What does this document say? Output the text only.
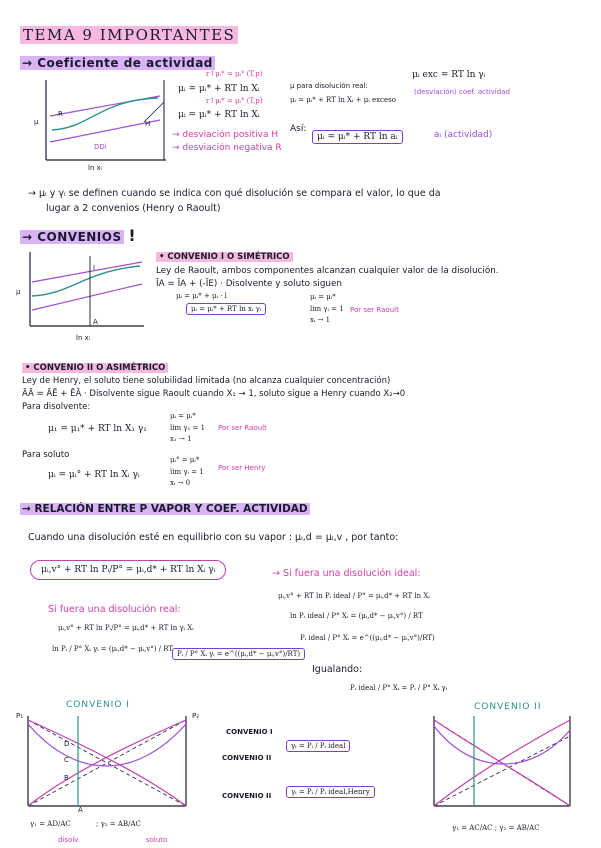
TEMA 9 IMPORTANTES
→ Coeficiente de actividad
μ
R
H
DDi
ln xᵢ
r↑μᵢ* = μᵢ° (T,p)
μᵢ = μᵢ* + RT ln Xᵢ
r↑μᵢ* = μᵢ° (T,p)
μᵢ = μᵢ* + RT ln Xᵢ
→ desviación positiva H
→ desviación negativa R
μ para disolución real:
μᵢ = μᵢ* + RT ln Xᵢ + μᵢ exceso
μᵢ exc = RT ln γᵢ
(desviación) coef. actividad
Así:
μᵢ = μᵢ* + RT ln aᵢ	aᵢ (actividad)
→ μᵢ y γᵢ se definen cuando se indica con qué disolución se compara el valor, lo que da
lugar a 2 convenios (Henry o Raoult)
→ CONVENIOS !
μ
I
A
ln xᵢ
• CONVENIO I O SIMÉTRICO
Ley de Raoult, ambos componentes alcanzan cualquier valor de la disolución.
ĪA = ĪA + (-ĪE) · Disolvente y soluto siguen
μᵢ = μᵢ* + μᵢ · l
μᵢ = μᵢ* + RT ln xᵢ γᵢ
μᵢ = μᵢ*
lim γᵢ = 1
xᵢ → 1
Por ser Raoult
• CONVENIO II O ASIMÉTRICO
Ley de Henry, el soluto tiene solubilidad limitada (no alcanza cualquier concentración)
ĀĀ = ĀĒ + ĒĀ · Disolvente sigue Raoult cuando X₁ → 1, soluto sigue a Henry cuando X₂→0
Para disolvente:
μ₁ = μ₁* + RT ln X₁ γ₁
μᵢ = μᵢ*
lim γ₁ = 1
x₁ → 1
Por ser Raoult
Para soluto
μᵢ = μᵢ° + RT ln Xᵢ γᵢ
μᵢ° = μᵢ*
lim γᵢ = 1
xᵢ → 0
Por ser Henry
→ RELACIÓN ENTRE P VAPOR Y COEF. ACTIVIDAD
Cuando una disolución esté en equilibrio con su vapor : μᵢ,d = μᵢ,v , por tanto:
μᵢ,v° + RT ln Pᵢ/P° = μᵢ,d* + RT ln Xᵢ γᵢ	→ Si fuera una disolución ideal:
μᵢ,v° + RT ln Pᵢ ideal / P° = μᵢ,d* + RT ln Xᵢ
ln Pᵢ ideal / P° Xᵢ = (μᵢ,d* − μᵢ,v°) / RT
Pᵢ ideal / P° Xᵢ = e^((μᵢ,d* − μᵢ,v°)/RT)
Si fuera una disolución real:
μᵢ,v° + RT ln Pᵢ/P° = μᵢ,d* + RT ln γᵢ Xᵢ
ln Pᵢ / P° Xᵢ γᵢ = (μᵢ,d* − μᵢ,v°) / RT
Pᵢ / P° Xᵢ γᵢ = e^((μᵢ,d* − μᵢ,v°)/RT)
Igualando:
Pᵢ ideal / P° Xᵢ = Pᵢ / P° Xᵢ γᵢ
CONVENIO I
P₁	P₂
D
C
B
A
γ₁ = AD/AC	; γ₂ = AB/AC
disolv.	soluto
CONVENIO I
CONVENIO II
γᵢ = Pᵢ / Pᵢ ideal
CONVENIO II	γᵢ = Pᵢ / Pᵢ ideal,Henry
CONVENIO II
γ₁ = AC/AC ; γ₂ = AB/AC
